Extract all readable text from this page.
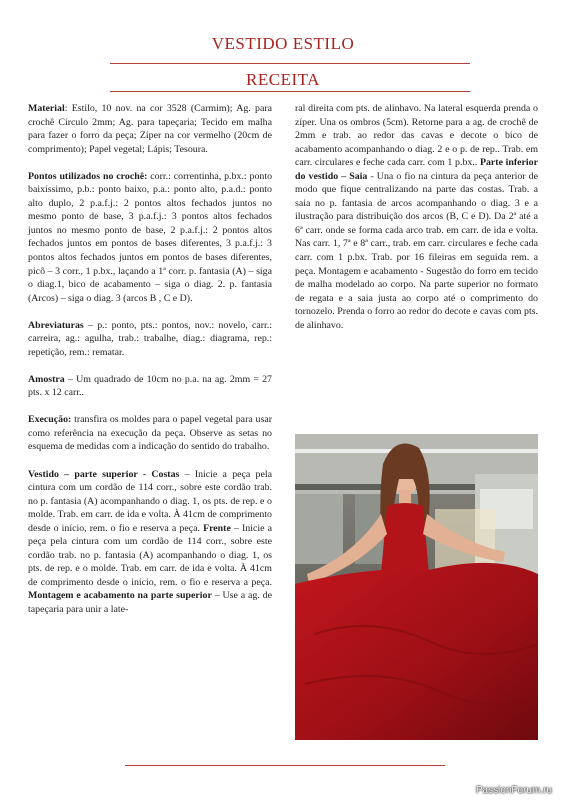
VESTIDO ESTILO
RECEITA

Material: Estilo, 10 nov. na cor 3528 (Carmim); Ag. para crochê Círculo 2mm; Ag. para tapeçaria; Tecido em malha para fazer o forro da peça; Zíper na cor vermelho (20cm de comprimento); Papel vegetal; Lápis; Tesoura.

Pontos utilizados no crochê: corr.: correntinha, p.bx.: ponto baixíssimo, p.b.: ponto baixo, p.a.: ponto alto, p.a.d.: ponto alto duplo, 2 p.a.f.j.: 2 pontos altos fechados juntos no mesmo ponto de base, 3 p.a.f.j.: 3 pontos altos fechados juntos no mesmo ponto de base, 2 p.a.f.j.: 2 pontos altos fechados juntos em pontos de bases diferentes, 3 p.a.f.j.: 3 pontos altos fechados juntos em pontos de bases diferentes, picô – 3 corr., 1 p.bx., laçando a 1ª corr. p. fantasia (A) – siga o diag.1, bico de acabamento – siga o diag. 2. p. fantasia (Arcos) – siga o diag. 3 (arcos B , C e D).

Abreviaturas – p.: ponto, pts.: pontos, nov.: novelo, carr.: carreira, ag.: agulha, trab.: trabalhe, diag.: diagrama, rep.: repetição, rem.: rematar.

Amostra – Um quadrado de 10cm no p.a. na ag. 2mm = 27 pts. x 12 carr..

Execução: transfira os moldes para o papel vegetal para usar como referência na execução da peça. Observe as setas no esquema de medidas com a indicação do sentido do trabalho.

Vestido – parte superior - Costas – Inicie a peça pela cintura com um cordão de 114 corr., sobre este cordão trab. no p. fantasia (A) acompanhando o diag. 1, os pts. de rep. e o molde. Trab. em carr. de ida e volta. À 41cm de comprimento desde o início, rem. o fio e reserva a peça. Frente – Inicie a peça pela cintura com um cordão de 114 corr., sobre este cordão trab. no p. fantasia (A) acompanhando o diag. 1, os pts. de rep. e o molde. Trab. em carr. de ida e volta. À 41cm de comprimento desde o início, rem. o fio e reserva a peça. Montagem e acabamento na parte superior – Use a ag. de tapeçaria para unir a late-

ral direita com pts. de alinhavo. Na lateral esquerda prenda o zíper. Una os ombros (5cm). Retorne para a ag. de crochê de 2mm e trab. ao redor das cavas e decote o bico de acabamento acompanhando o diag. 2 e o p. de rep.. Trab. em carr. circulares e feche cada carr. com 1 p.bx.. Parte inferior do vestido – Saia - Una o fio na cintura da peça anterior de modo que fique centralizando na parte das costas. Trab. a saia no p. fantasia de arcos acompanhando o diag. 3 e a ilustração para distribuição dos arcos (B, C e D). Da 2ª até a 6ª carr. onde se forma cada arco trab. em carr. de ida e volta. Nas carr. 1, 7ª e 8ª carr., trab. em carr. circulares e feche cada carr. com 1 p.bx. Trab. por 16 fileiras em seguida rem. a peça. Montagem e acabamento - Sugestão do forro em tecido de malha modelado ao corpo. Na parte superior no formato de regata e a saia justa ao corpo até o comprimento do tornozelo. Prenda o forro ao redor do decote e cavas com pts. de alinhavo.

PassionForum.ru
